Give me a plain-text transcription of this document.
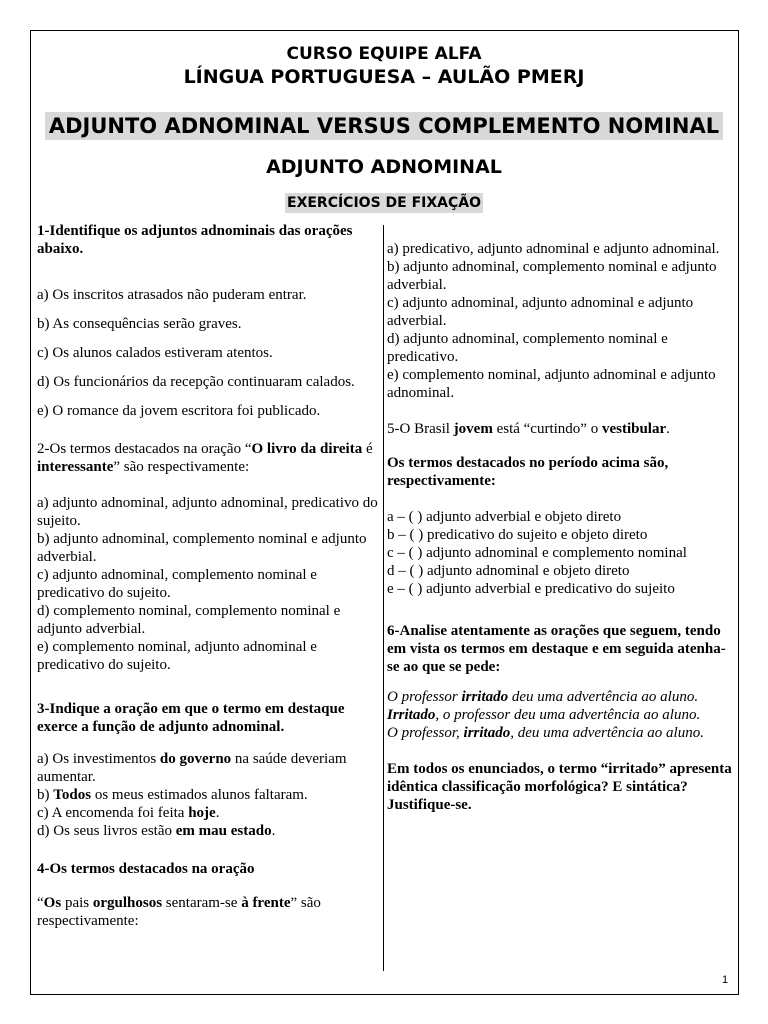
CURSO EQUIPE ALFA
LÍNGUA PORTUGUESA – AULÃO PMERJ
ADJUNTO ADNOMINAL VERSUS COMPLEMENTO NOMINAL
ADJUNTO ADNOMINAL
EXERCÍCIOS DE FIXAÇÃO

1-Identifique os adjuntos adnominais das orações abaixo.

a) Os inscritos atrasados não puderam entrar.

b) As consequências serão graves.

c) Os alunos calados estiveram atentos.

d) Os funcionários da recepção continuaram calados.

e) O romance da jovem escritora foi publicado.

2-Os termos destacados na oração “O livro da direita é interessante” são respectivamente:

a) adjunto adnominal, adjunto adnominal, predicativo do sujeito.

b) adjunto adnominal, complemento nominal e adjunto adverbial.

c) adjunto adnominal, complemento nominal e predicativo do sujeito.

d) complemento nominal, complemento nominal e adjunto adverbial.

e) complemento nominal, adjunto adnominal e predicativo do sujeito.

3-Indique a oração em que o termo em destaque exerce a função de adjunto adnominal.

a) Os investimentos do governo na saúde deveriam aumentar.

b) Todos os meus estimados alunos faltaram.

c) A encomenda foi feita hoje.

d) Os seus livros estão em mau estado.

4-Os termos destacados na oração

“Os pais orgulhosos sentaram-se à frente” são respectivamente:

a) predicativo, adjunto adnominal e adjunto adnominal.

b) adjunto adnominal, complemento nominal e adjunto adverbial.

c) adjunto adnominal, adjunto adnominal e adjunto adverbial.

d) adjunto adnominal, complemento nominal e predicativo.

e) complemento nominal, adjunto adnominal e adjunto adnominal.

5-O Brasil jovem está “curtindo” o vestibular.

Os termos destacados no período acima são, respectivamente:

a – ( ) adjunto adverbial e objeto direto

b – ( ) predicativo do sujeito e objeto direto

c – ( ) adjunto adnominal e complemento nominal

d – ( ) adjunto adnominal e objeto direto

e – ( ) adjunto adverbial e predicativo do sujeito

6-Analise atentamente as orações que seguem, tendo em vista os termos em destaque e em seguida atenha-se ao que se pede:

O professor irritado deu uma advertência ao aluno.

Irritado, o professor deu uma advertência ao aluno.

O professor, irritado, deu uma advertência ao aluno.

Em todos os enunciados, o termo “irritado” apresenta idêntica classificação morfológica? E sintática? Justifique-se.

1
